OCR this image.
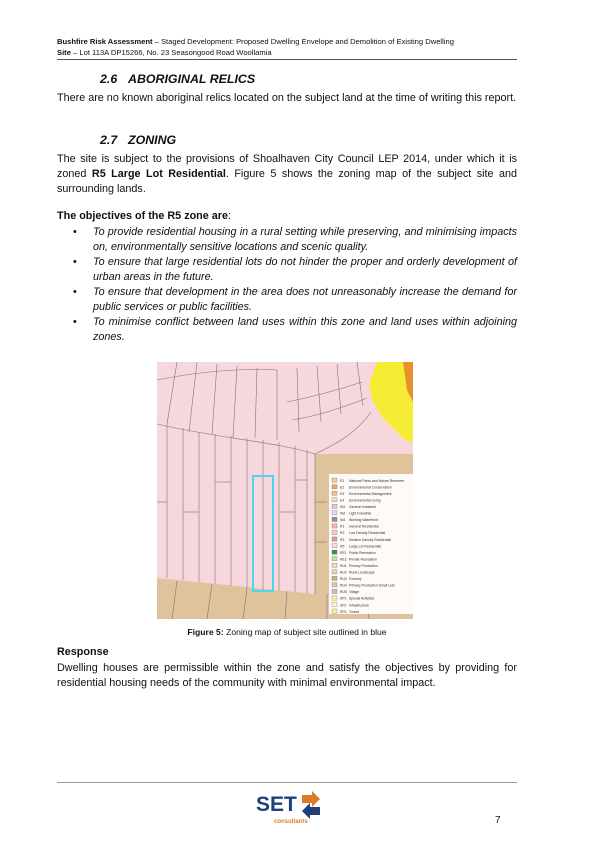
Bushfire Risk Assessment – Staged Development: Proposed Dwelling Envelope and Demolition of Existing Dwelling
Site – Lot 113A DP15266, No. 23 Seasongood Road Woollamia
2.6 ABORIGINAL RELICS

There are no known aboriginal relics located on the subject land at the time of writing this report.

2.7 ZONING

The site is subject to the provisions of Shoalhaven City Council LEP 2014, under which it is zoned R5 Large Lot Residential. Figure 5 shows the zoning map of the subject site and surrounding lands.

The objectives of the R5 zone are:

• To provide residential housing in a rural setting while preserving, and minimising impacts on, environmentally sensitive locations and scenic quality.
• To ensure that large residential lots do not hinder the proper and orderly development of urban areas in the future.
• To ensure that development in the area does not unreasonably increase the demand for public services or public facilities.
• To minimise conflict between land uses within this zone and land uses within adjoining zones.
E1 National Parks and Nature Reserves
E2 Environmental Conservation
E3 Environmental Management
E4 Environmental Living
IN1 General Industrial
IN2 Light Industrial
IN4 Working Waterfront
R1 General Residential
R2 Low Density Residential
R3 Medium Density Residential
R5 Large Lot Residential
RE1 Public Recreation
RE2 Private Recreation
RU1 Primary Production
RU2 Rural Landscape
RU3 Forestry
RU4 Primary Production Small Lots
RU5 Village
SP1 Special Activities
SP2 Infrastructure
SP3 Tourist
Figure 5: Zoning map of subject site outlined in blue

Response

Dwelling houses are permissible within the zone and satisfy the objectives by providing for residential housing needs of the community with minimal environmental impact.

SET
consultants	7
